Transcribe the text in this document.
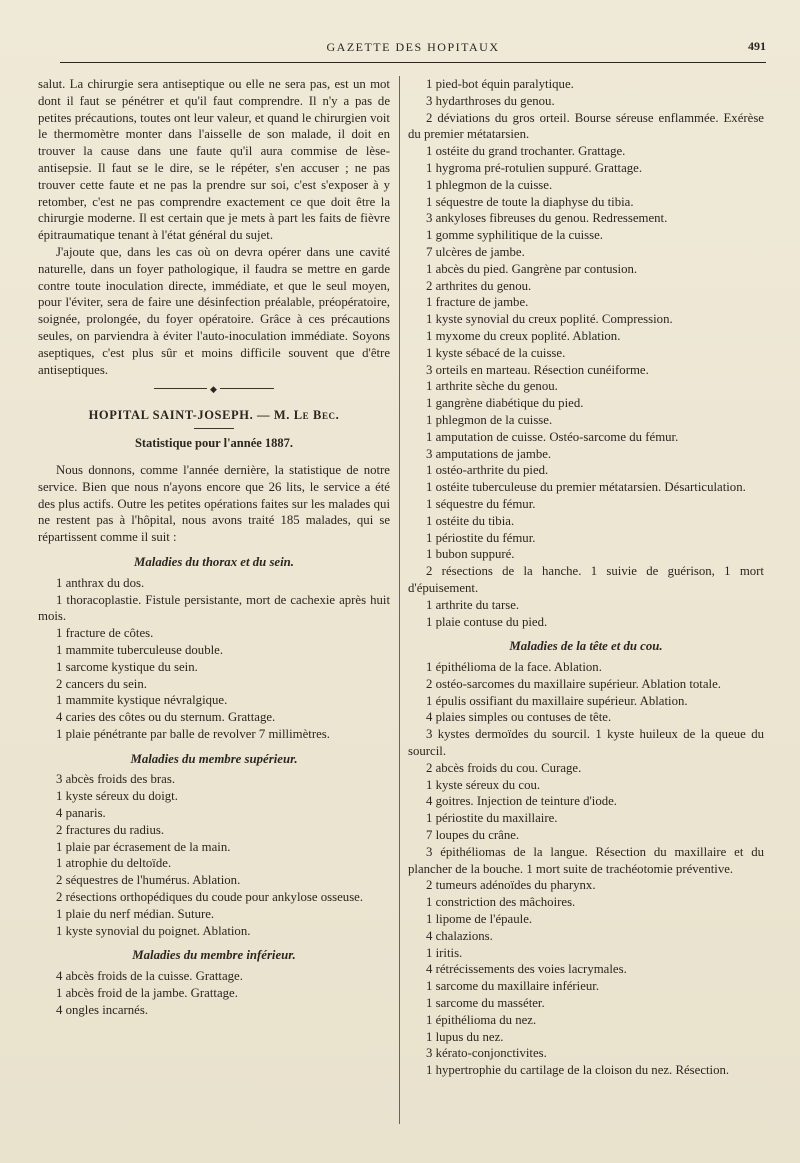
GAZETTE DES HOPITAUX	491

salut. La chirurgie sera antiseptique ou elle ne sera pas, est un mot dont il faut se pénétrer et qu'il faut comprendre. Il n'y a pas de petites précautions, toutes ont leur valeur, et quand le chirurgien voit le thermomètre monter dans l'aisselle de son malade, il doit en trouver la cause dans une faute qu'il aura commise de lèse-antisepsie. Il faut se le dire, se le répéter, s'en accuser ; ne pas trouver cette faute et ne pas la prendre sur soi, c'est s'exposer à y retomber, c'est ne pas comprendre exactement ce que doit être la chirurgie moderne. Il est certain que je mets à part les faits de fièvre épitraumatique tenant à l'état général du sujet.

J'ajoute que, dans les cas où on devra opérer dans une cavité naturelle, dans un foyer pathologique, il faudra se mettre en garde contre toute inoculation directe, immédiate, et que le seul moyen, pour l'éviter, sera de faire une désinfection préalable, préopératoire, soignée, prolongée, du foyer opératoire. Grâce à ces précautions seules, on parviendra à éviter l'auto-inoculation immédiate. Soyons aseptiques, c'est plus sûr et moins difficile souvent que d'être antiseptiques.

◆
HOPITAL SAINT-JOSEPH. — M. Le Bec.
Statistique pour l'année 1887.

Nous donnons, comme l'année dernière, la statistique de notre service. Bien que nous n'ayons encore que 26 lits, le service a été des plus actifs. Outre les petites opérations faites sur les malades qui ne restent pas à l'hôpital, nous avons traité 185 malades, qui se répartissent comme il suit :

Maladies du thorax et du sein.

1 anthrax du dos.

1 thoracoplastie. Fistule persistante, mort de cachexie après huit mois.

1 fracture de côtes.

1 mammite tuberculeuse double.

1 sarcome kystique du sein.

2 cancers du sein.

1 mammite kystique névralgique.

4 caries des côtes ou du sternum. Grattage.

1 plaie pénétrante par balle de revolver 7 millimètres.

Maladies du membre supérieur.

3 abcès froids des bras.

1 kyste séreux du doigt.

4 panaris.

2 fractures du radius.

1 plaie par écrasement de la main.

1 atrophie du deltoïde.

2 séquestres de l'humérus. Ablation.

2 résections orthopédiques du coude pour ankylose osseuse.

1 plaie du nerf médian. Suture.

1 kyste synovial du poignet. Ablation.

Maladies du membre inférieur.

4 abcès froids de la cuisse. Grattage.

1 abcès froid de la jambe. Grattage.

4 ongles incarnés.

1 pied-bot équin paralytique.

3 hydarthroses du genou.

2 déviations du gros orteil. Bourse séreuse enflammée. Exérèse du premier métatarsien.

1 ostéite du grand trochanter. Grattage.

1 hygroma pré-rotulien suppuré. Grattage.

1 phlegmon de la cuisse.

1 séquestre de toute la diaphyse du tibia.

3 ankyloses fibreuses du genou. Redressement.

1 gomme syphilitique de la cuisse.

7 ulcères de jambe.

1 abcès du pied. Gangrène par contusion.

2 arthrites du genou.

1 fracture de jambe.

1 kyste synovial du creux poplité. Compression.

1 myxome du creux poplité. Ablation.

1 kyste sébacé de la cuisse.

3 orteils en marteau. Résection cunéiforme.

1 arthrite sèche du genou.

1 gangrène diabétique du pied.

1 phlegmon de la cuisse.

1 amputation de cuisse. Ostéo-sarcome du fémur.

3 amputations de jambe.

1 ostéo-arthrite du pied.

1 ostéite tuberculeuse du premier métatarsien. Désarticulation.

1 séquestre du fémur.

1 ostéite du tibia.

1 périostite du fémur.

1 bubon suppuré.

2 résections de la hanche. 1 suivie de guérison, 1 mort d'épuisement.

1 arthrite du tarse.

1 plaie contuse du pied.

Maladies de la tête et du cou.

1 épithélioma de la face. Ablation.

2 ostéo-sarcomes du maxillaire supérieur. Ablation totale.

1 épulis ossifiant du maxillaire supérieur. Ablation.

4 plaies simples ou contuses de tête.

3 kystes dermoïdes du sourcil. 1 kyste huileux de la queue du sourcil.

2 abcès froids du cou. Curage.

1 kyste séreux du cou.

4 goitres. Injection de teinture d'iode.

1 périostite du maxillaire.

7 loupes du crâne.

3 épithéliomas de la langue. Résection du maxillaire et du plancher de la bouche. 1 mort suite de trachéotomie préventive.

2 tumeurs adénoïdes du pharynx.

1 constriction des mâchoires.

1 lipome de l'épaule.

4 chalazions.

1 iritis.

4 rétrécissements des voies lacrymales.

1 sarcome du maxillaire inférieur.

1 sarcome du masséter.

1 épithélioma du nez.

1 lupus du nez.

3 kérato-conjonctivites.

1 hypertrophie du cartilage de la cloison du nez. Résection.
